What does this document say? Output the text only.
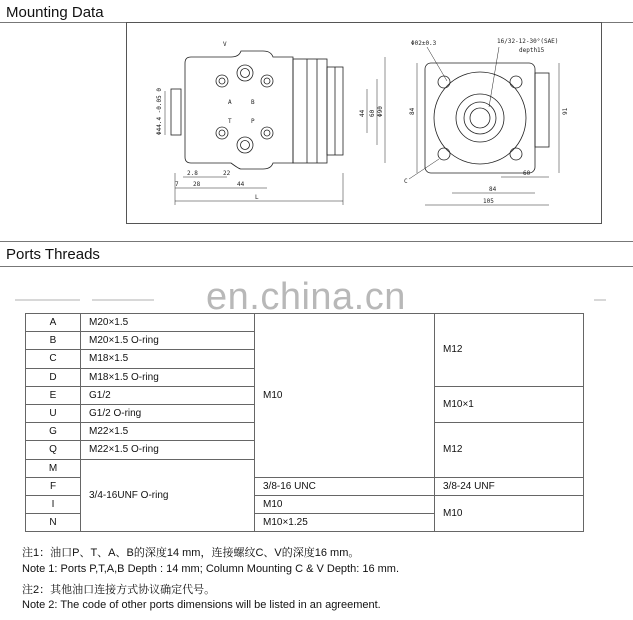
Mounting Data
Ports Threads
V
A	B
T	P
Φ44.4 -0.05 0	44 60 Φ90
2.8	22
7 28	44
L
Φ02±0.3	16/32-12-30°(SAE)
depth15
84	91
60
84
105
C
en.china.cn
A	M20×1.5	M10	M12
B	M20×1.5 O-ring		
C	M18×1.5		
D	M18×1.5 O-ring		
E	G1/2		M10×1
U	G1/2 O-ring		
G	M22×1.5		M12
Q	M22×1.5 O-ring		
M	3/4-16UNF O-ring		
F		3/8-16 UNC	3/8-24 UNF
I		M10	M10
N		M10×1.25	
注1：油口P、T、A、B的深度14 mm，连接螺纹C、V的深度16 mm。
Note 1: Ports P,T,A,B Depth : 14 mm; Column Mounting C & V Depth: 16 mm.
注2：其他油口连接方式协议确定代号。
Note 2: The code of other ports dimensions will be listed in an agreement.
